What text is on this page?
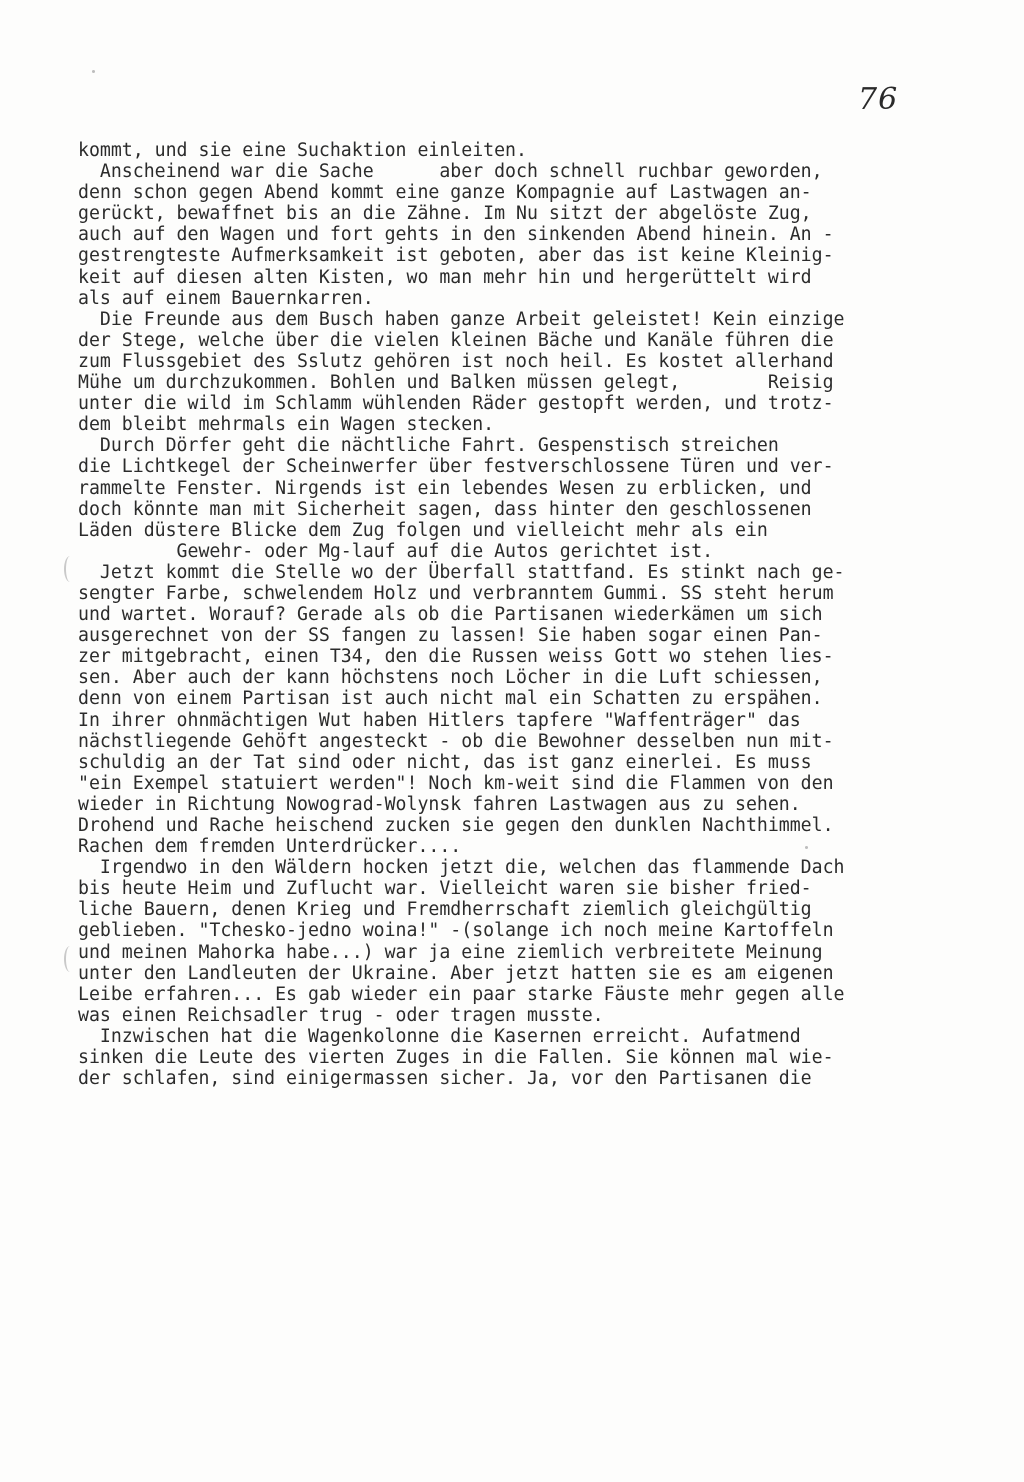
76
kommt, und sie eine Suchaktion einleiten.
Anscheinend war die Sache      aber doch schnell ruchbar geworden,
denn schon gegen Abend kommt eine ganze Kompagnie auf Lastwagen an-
gerückt, bewaffnet bis an die Zähne. Im Nu sitzt der abgelöste Zug,
auch auf den Wagen und fort gehts in den sinkenden Abend hinein. An -
gestrengteste Aufmerksamkeit ist geboten, aber das ist keine Kleinig-
keit auf diesen alten Kisten, wo man mehr hin und hergerüttelt wird
als auf einem Bauernkarren.
Die Freunde aus dem Busch haben ganze Arbeit geleistet! Kein einzige
der Stege, welche über die vielen kleinen Bäche und Kanäle führen die
zum Flussgebiet des Sslutz gehören ist noch heil. Es kostet allerhand
Mühe um durchzukommen. Bohlen und Balken müssen gelegt,        Reisig
unter die wild im Schlamm wühlenden Räder gestopft werden, und trotz-
dem bleibt mehrmals ein Wagen stecken.
Durch Dörfer geht die nächtliche Fahrt. Gespenstisch streichen
die Lichtkegel der Scheinwerfer über festverschlossene Türen und ver-
rammelte Fenster. Nirgends ist ein lebendes Wesen zu erblicken, und
doch könnte man mit Sicherheit sagen, dass hinter den geschlossenen
Läden düstere Blicke dem Zug folgen und vielleicht mehr als ein
Gewehr- oder Mg-lauf auf die Autos gerichtet ist.
Jetzt kommt die Stelle wo der Überfall stattfand. Es stinkt nach ge-
sengter Farbe, schwelendem Holz und verbranntem Gummi. SS steht herum
und wartet. Worauf? Gerade als ob die Partisanen wiederkämen um sich
ausgerechnet von der SS fangen zu lassen! Sie haben sogar einen Pan-
zer mitgebracht, einen T34, den die Russen weiss Gott wo stehen lies-
sen. Aber auch der kann höchstens noch Löcher in die Luft schiessen,
denn von einem Partisan ist auch nicht mal ein Schatten zu erspähen.
In ihrer ohnmächtigen Wut haben Hitlers tapfere "Waffenträger" das
nächstliegende Gehöft angesteckt - ob die Bewohner desselben nun mit-
schuldig an der Tat sind oder nicht, das ist ganz einerlei. Es muss
"ein Exempel statuiert werden"! Noch km-weit sind die Flammen von den
wieder in Richtung Nowograd-Wolynsk fahren Lastwagen aus zu sehen.
Drohend und Rache heischend zucken sie gegen den dunklen Nachthimmel.
Rachen dem fremden Unterdrücker....
Irgendwo in den Wäldern hocken jetzt die, welchen das flammende Dach
bis heute Heim und Zuflucht war. Vielleicht waren sie bisher fried-
liche Bauern, denen Krieg und Fremdherrschaft ziemlich gleichgültig
geblieben. "Tchesko-jedno woina!" -(solange ich noch meine Kartoffeln
und meinen Mahorka habe...) war ja eine ziemlich verbreitete Meinung
unter den Landleuten der Ukraine. Aber jetzt hatten sie es am eigenen
Leibe erfahren... Es gab wieder ein paar starke Fäuste mehr gegen alle
was einen Reichsadler trug - oder tragen musste.
Inzwischen hat die Wagenkolonne die Kasernen erreicht. Aufatmend
sinken die Leute des vierten Zuges in die Fallen. Sie können mal wie-
der schlafen, sind einigermassen sicher. Ja, vor den Partisanen die
